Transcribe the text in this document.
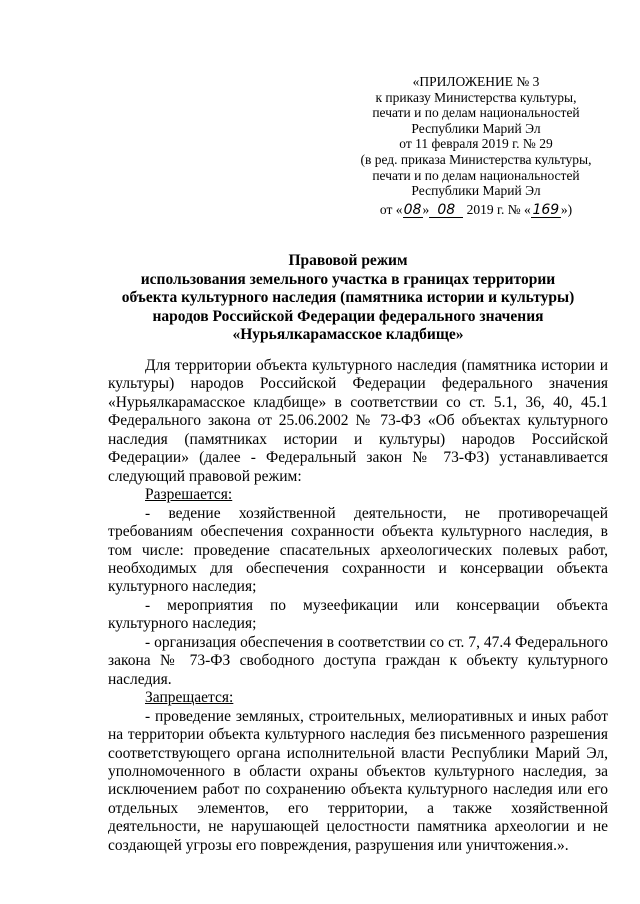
«ПРИЛОЖЕНИЕ № 3
к приказу Министерства культуры,
печати и по делам национальностей
Республики Марий Эл
от 11 февраля 2019 г. № 29
(в ред. приказа Министерства культуры,
печати и по делам национальностей
Республики Марий Эл
от «08» 08 2019 г. № « 169 »)
Правовой режим
использования земельного участка в границах территории
объекта культурного наследия (памятника истории и культуры)
народов Российской Федерации федерального значения
«Нурьялкарамасское кладбище»

Для территории объекта культурного наследия (памятника истории и культуры) народов Российской Федерации федерального значения «Нурьялкарамасское кладбище» в соответствии со ст. 5.1, 36, 40, 45.1 Федерального закона от 25.06.2002 № 73-ФЗ «Об объектах культурного наследия (памятниках истории и культуры) народов Российской Федерации» (далее - Федеральный закон № 73-ФЗ) устанавливается следующий правовой режим:

Разрешается:

- ведение хозяйственной деятельности, не противоречащей требованиям обеспечения сохранности объекта культурного наследия, в том числе: проведение спасательных археологических полевых работ, необходимых для обеспечения сохранности и консервации объекта культурного наследия;

- мероприятия по музеефикации или консервации объекта культурного наследия;

- организация обеспечения в соответствии со ст. 7, 47.4 Федерального закона № 73-ФЗ свободного доступа граждан к объекту культурного наследия.

Запрещается:

- проведение земляных, строительных, мелиоративных и иных работ на территории объекта культурного наследия без письменного разрешения соответствующего органа исполнительной власти Республики Марий Эл, уполномоченного в области охраны объектов культурного наследия, за исключением работ по сохранению объекта культурного наследия или его отдельных элементов, его территории, а также хозяйственной деятельности, не нарушающей целостности памятника археологии и не создающей угрозы его повреждения, разрушения или уничтожения.».
